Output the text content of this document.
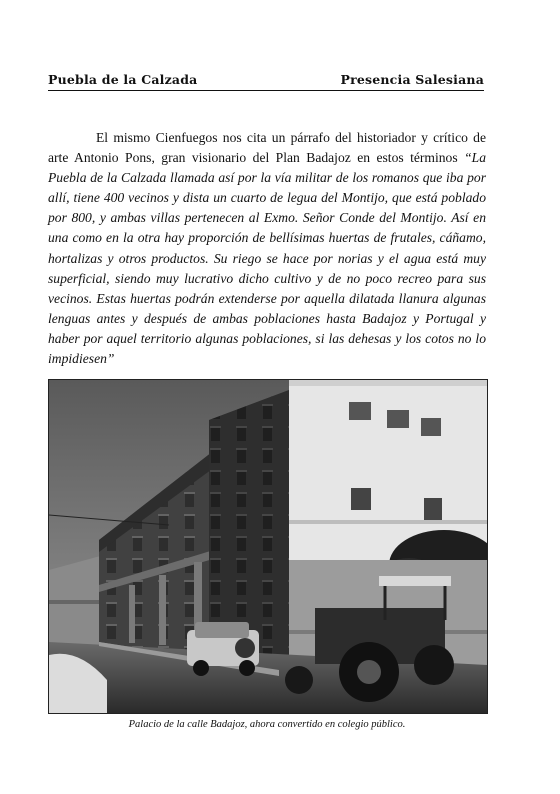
Puebla de la Calzada	Presencia Salesiana

El mismo Cienfuegos nos cita un párrafo del historiador y crítico de arte Antonio Pons, gran visionario del Plan Badajoz en estos términos “La Puebla de la Calzada llamada así por la vía militar de los romanos que iba por allí, tiene 400 vecinos y dista un cuarto de legua del Montijo, que está poblado por 800, y ambas villas pertenecen al Exmo. Señor Conde del Montijo. Así en una como en la otra hay proporción de bellísimas huertas de frutales, cáñamo, hortalizas y otros productos. Su riego se hace por norias y el agua está muy superficial, siendo muy lucrativo dicho cultivo y de no poco recreo para sus vecinos. Estas huertas podrán extenderse por aquella dilatada llanura algunas lenguas antes y después de ambas poblaciones hasta Badajoz y Portugal y haber por aquel territorio algunas poblaciones, si las dehesas y los cotos no lo impidiesen”

Palacio de la calle Badajoz, ahora convertido en colegio público.
